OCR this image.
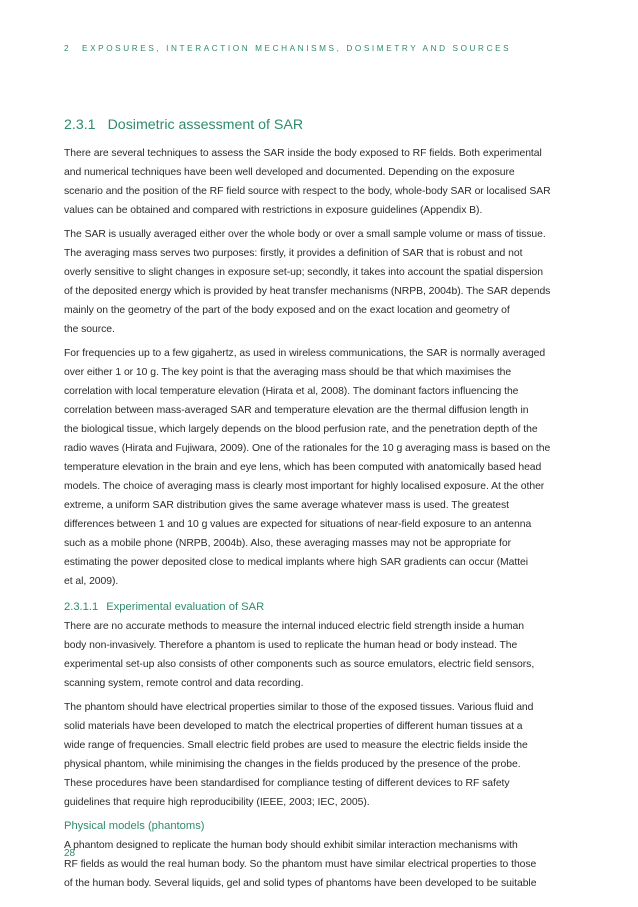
2 EXPOSURES, INTERACTION MECHANISMS, DOSIMETRY AND SOURCES
2.3.1 Dosimetric assessment of SAR
There are several techniques to assess the SAR inside the body exposed to RF fields. Both experimental
and numerical techniques have been well developed and documented. Depending on the exposure
scenario and the position of the RF field source with respect to the body, whole-body SAR or localised SAR
values can be obtained and compared with restrictions in exposure guidelines (Appendix B).
The SAR is usually averaged either over the whole body or over a small sample volume or mass of tissue.
The averaging mass serves two purposes: firstly, it provides a definition of SAR that is robust and not
overly sensitive to slight changes in exposure set-up; secondly, it takes into account the spatial dispersion
of the deposited energy which is provided by heat transfer mechanisms (NRPB, 2004b). The SAR depends
mainly on the geometry of the part of the body exposed and on the exact location and geometry of
the source.
For frequencies up to a few gigahertz, as used in wireless communications, the SAR is normally averaged
over either 1 or 10 g. The key point is that the averaging mass should be that which maximises the
correlation with local temperature elevation (Hirata et al, 2008). The dominant factors influencing the
correlation between mass-averaged SAR and temperature elevation are the thermal diffusion length in
the biological tissue, which largely depends on the blood perfusion rate, and the penetration depth of the
radio waves (Hirata and Fujiwara, 2009). One of the rationales for the 10 g averaging mass is based on the
temperature elevation in the brain and eye lens, which has been computed with anatomically based head
models. The choice of averaging mass is clearly most important for highly localised exposure. At the other
extreme, a uniform SAR distribution gives the same average whatever mass is used. The greatest
differences between 1 and 10 g values are expected for situations of near-field exposure to an antenna
such as a mobile phone (NRPB, 2004b). Also, these averaging masses may not be appropriate for
estimating the power deposited close to medical implants where high SAR gradients can occur (Mattei
et al, 2009).
2.3.1.1 Experimental evaluation of SAR
There are no accurate methods to measure the internal induced electric field strength inside a human
body non-invasively. Therefore a phantom is used to replicate the human head or body instead. The
experimental set-up also consists of other components such as source emulators, electric field sensors,
scanning system, remote control and data recording.
The phantom should have electrical properties similar to those of the exposed tissues. Various fluid and
solid materials have been developed to match the electrical properties of different human tissues at a
wide range of frequencies. Small electric field probes are used to measure the electric fields inside the
physical phantom, while minimising the changes in the fields produced by the presence of the probe.
These procedures have been standardised for compliance testing of different devices to RF safety
guidelines that require high reproducibility (IEEE, 2003; IEC, 2005).
Physical models (phantoms)
A phantom designed to replicate the human body should exhibit similar interaction mechanisms with
RF fields as would the real human body. So the phantom must have similar electrical properties to those
of the human body. Several liquids, gel and solid types of phantoms have been developed to be suitable
28
